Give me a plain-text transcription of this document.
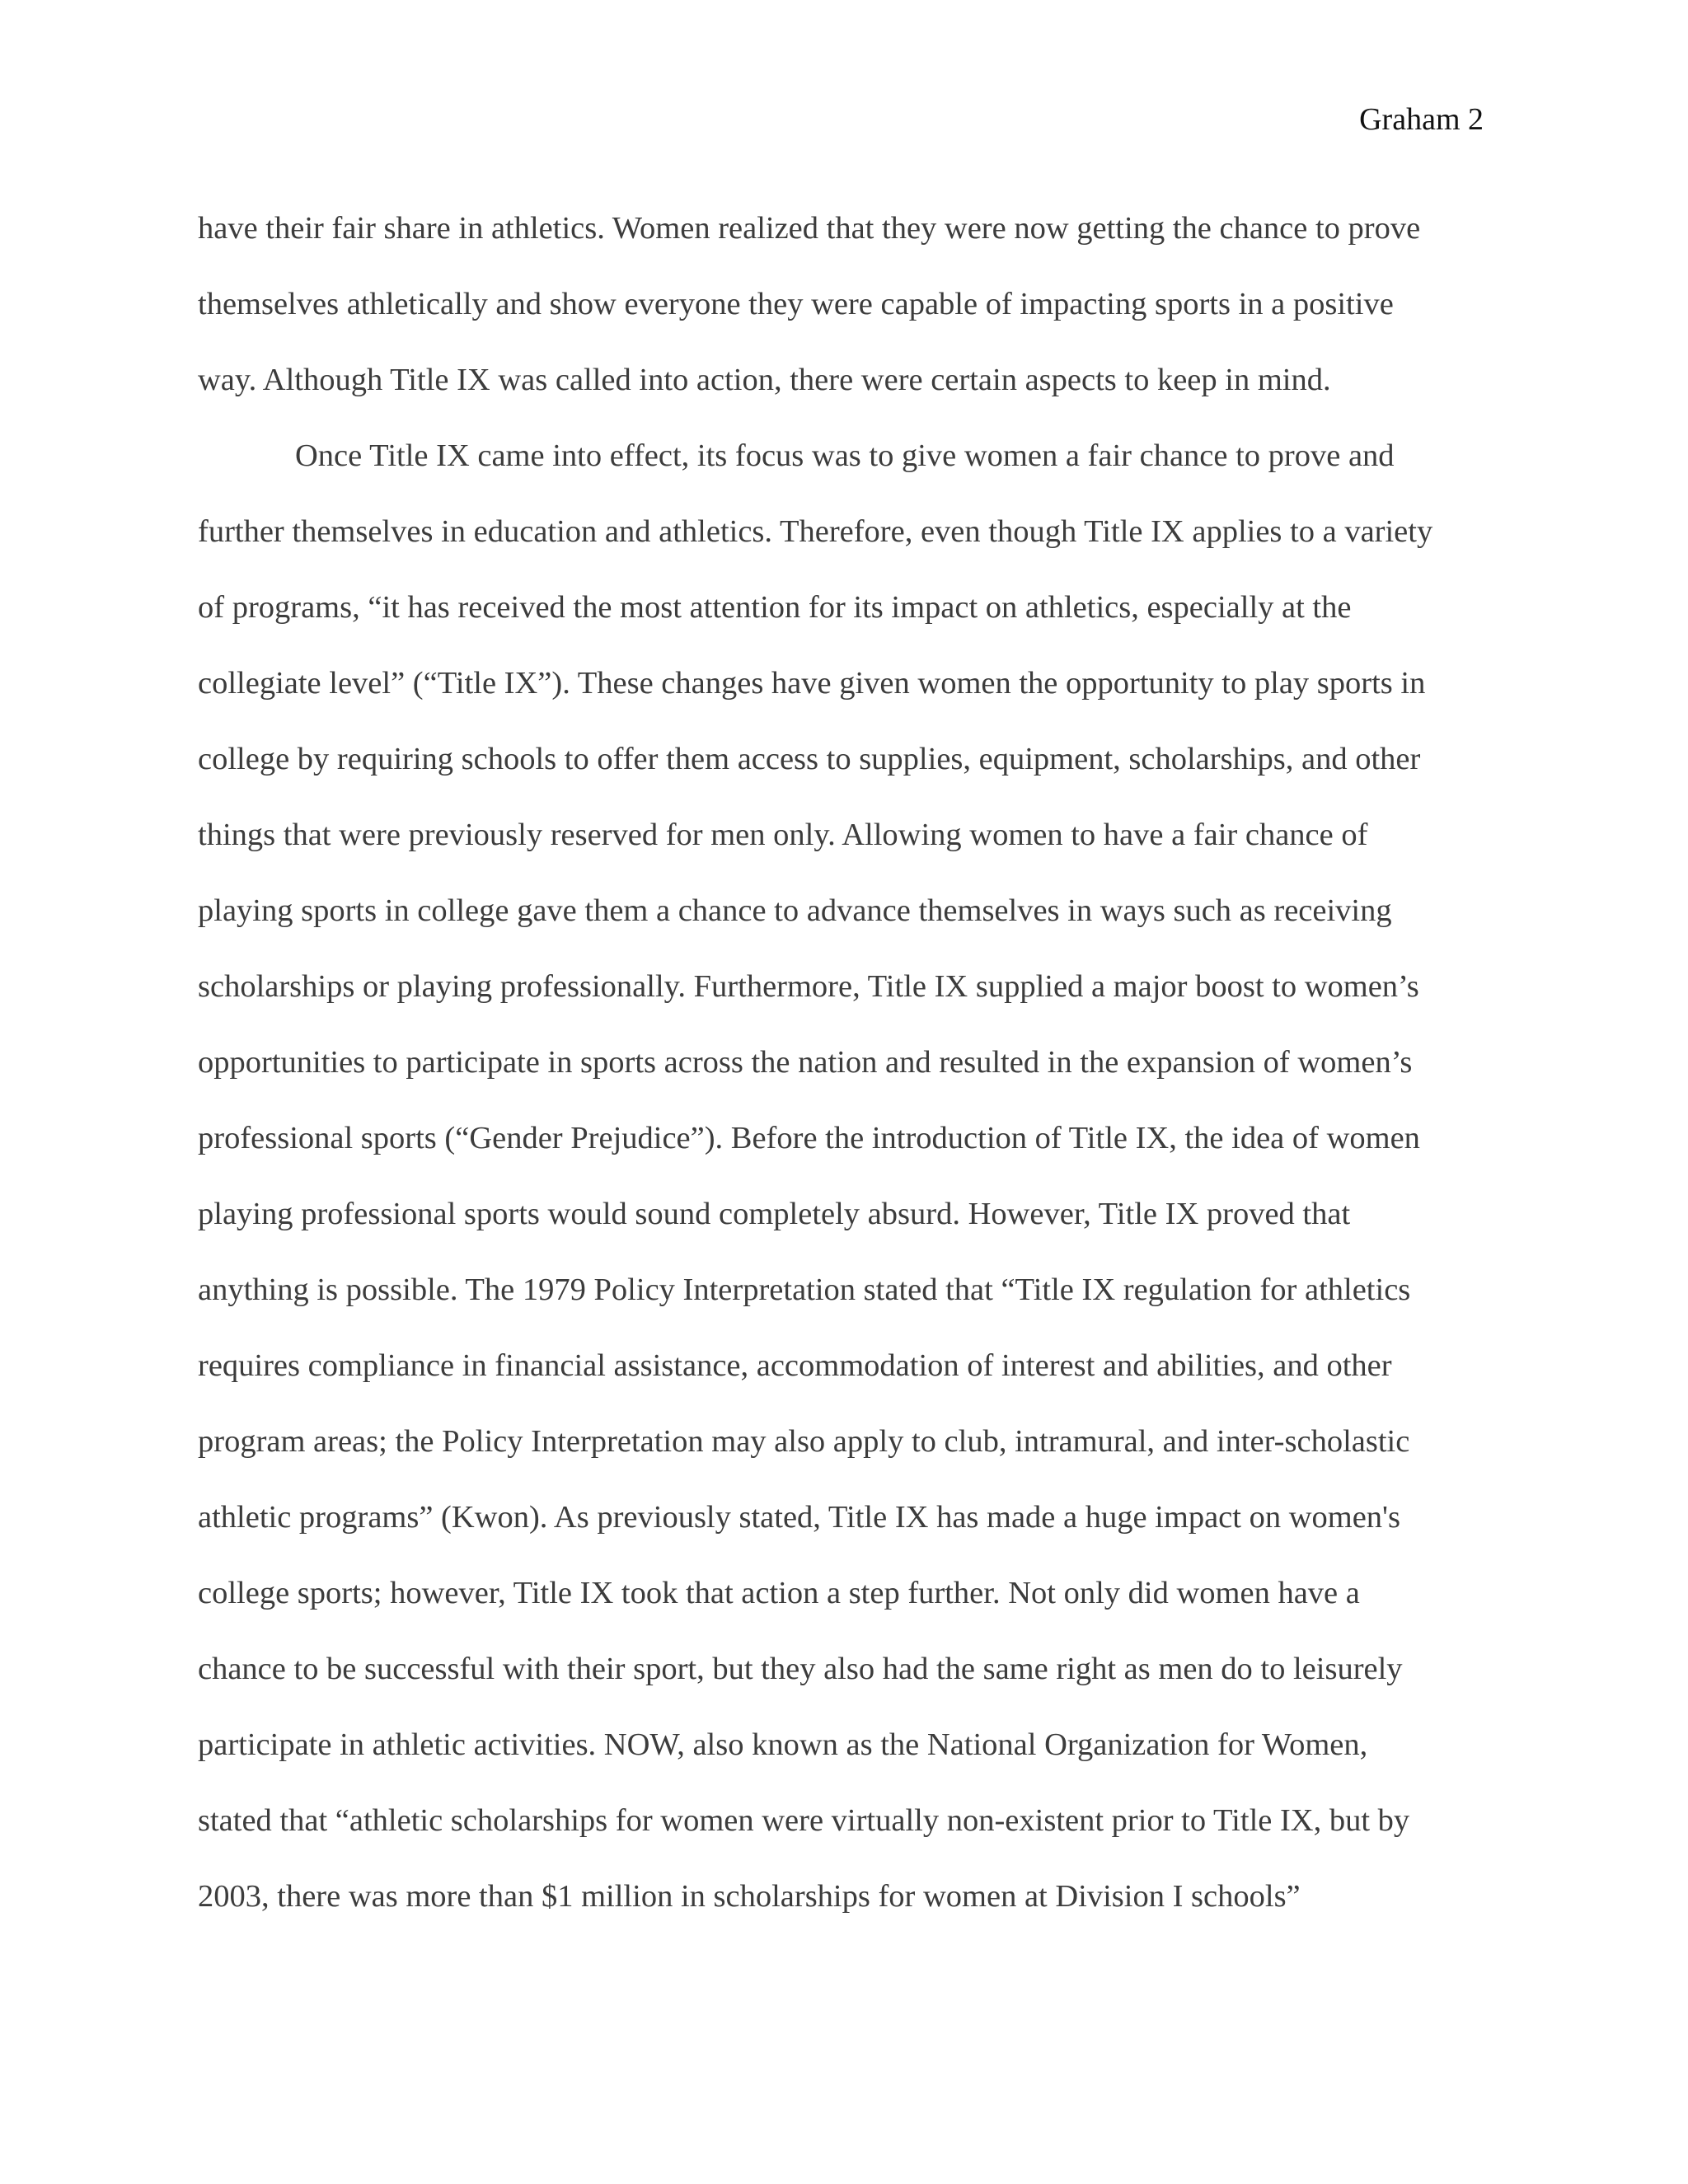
Graham 2
have their fair share in athletics. Women realized that they were now getting the chance to prove
themselves athletically and show everyone they were capable of impacting sports in a positive
way. Although Title IX was called into action, there were certain aspects to keep in mind.
Once Title IX came into effect, its focus was to give women a fair chance to prove and
further themselves in education and athletics. Therefore, even though Title IX applies to a variety
of programs, “it has received the most attention for its impact on athletics, especially at the
collegiate level” (“Title IX”). These changes have given women the opportunity to play sports in
college by requiring schools to offer them access to supplies, equipment, scholarships, and other
things that were previously reserved for men only. Allowing women to have a fair chance of
playing sports in college gave them a chance to advance themselves in ways such as receiving
scholarships or playing professionally. Furthermore, Title IX supplied a major boost to women’s
opportunities to participate in sports across the nation and resulted in the expansion of women’s
professional sports (“Gender Prejudice”). Before the introduction of Title IX, the idea of women
playing professional sports would sound completely absurd. However, Title IX proved that
anything is possible. The 1979 Policy Interpretation stated that “Title IX regulation for athletics
requires compliance in financial assistance, accommodation of interest and abilities, and other
program areas; the Policy Interpretation may also apply to club, intramural, and inter-scholastic
athletic programs” (Kwon). As previously stated, Title IX has made a huge impact on women's
college sports; however, Title IX took that action a step further. Not only did women have a
chance to be successful with their sport, but they also had the same right as men do to leisurely
participate in athletic activities. NOW, also known as the National Organization for Women,
stated that “athletic scholarships for women were virtually non-existent prior to Title IX, but by
2003, there was more than $1 million in scholarships for women at Division I schools”
